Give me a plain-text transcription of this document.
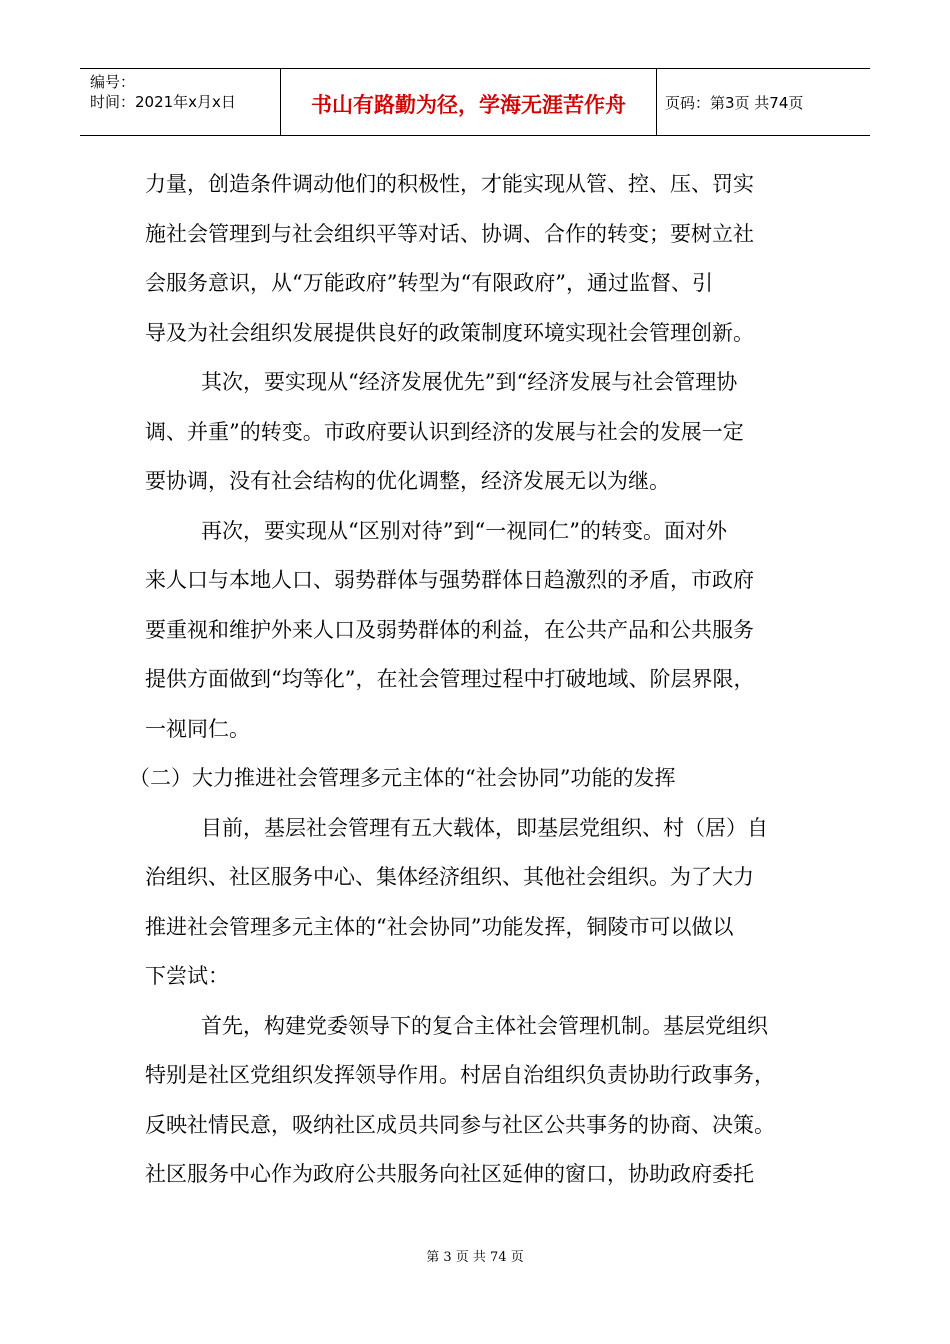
编号：
时间：2021年x月x日	书山有路勤为径，学海无涯苦作舟	页码：第3页 共74页
力量，创造条件调动他们的积极性，才能实现从管、控、压、罚实
施社会管理到与社会组织平等对话、协调、合作的转变；要树立社
会服务意识，从“万能政府”转型为“有限政府”，通过监督、引
导及为社会组织发展提供良好的政策制度环境实现社会管理创新。
其次，要实现从“经济发展优先”到“经济发展与社会管理协
调、并重”的转变。市政府要认识到经济的发展与社会的发展一定
要协调，没有社会结构的优化调整，经济发展无以为继。
再次，要实现从“区别对待”到“一视同仁”的转变。面对外
来人口与本地人口、弱势群体与强势群体日趋激烈的矛盾，市政府
要重视和维护外来人口及弱势群体的利益，在公共产品和公共服务
提供方面做到“均等化”，在社会管理过程中打破地域、阶层界限，
一视同仁。
（二）大力推进社会管理多元主体的“社会协同”功能的发挥
目前，基层社会管理有五大载体，即基层党组织、村（居）自
治组织、社区服务中心、集体经济组织、其他社会组织。为了大力
推进社会管理多元主体的“社会协同”功能发挥，铜陵市可以做以
下尝试：
首先，构建党委领导下的复合主体社会管理机制。基层党组织
特别是社区党组织发挥领导作用。村居自治组织负责协助行政事务，
反映社情民意，吸纳社区成员共同参与社区公共事务的协商、决策。
社区服务中心作为政府公共服务向社区延伸的窗口，协助政府委托
第 3 页 共 74 页
